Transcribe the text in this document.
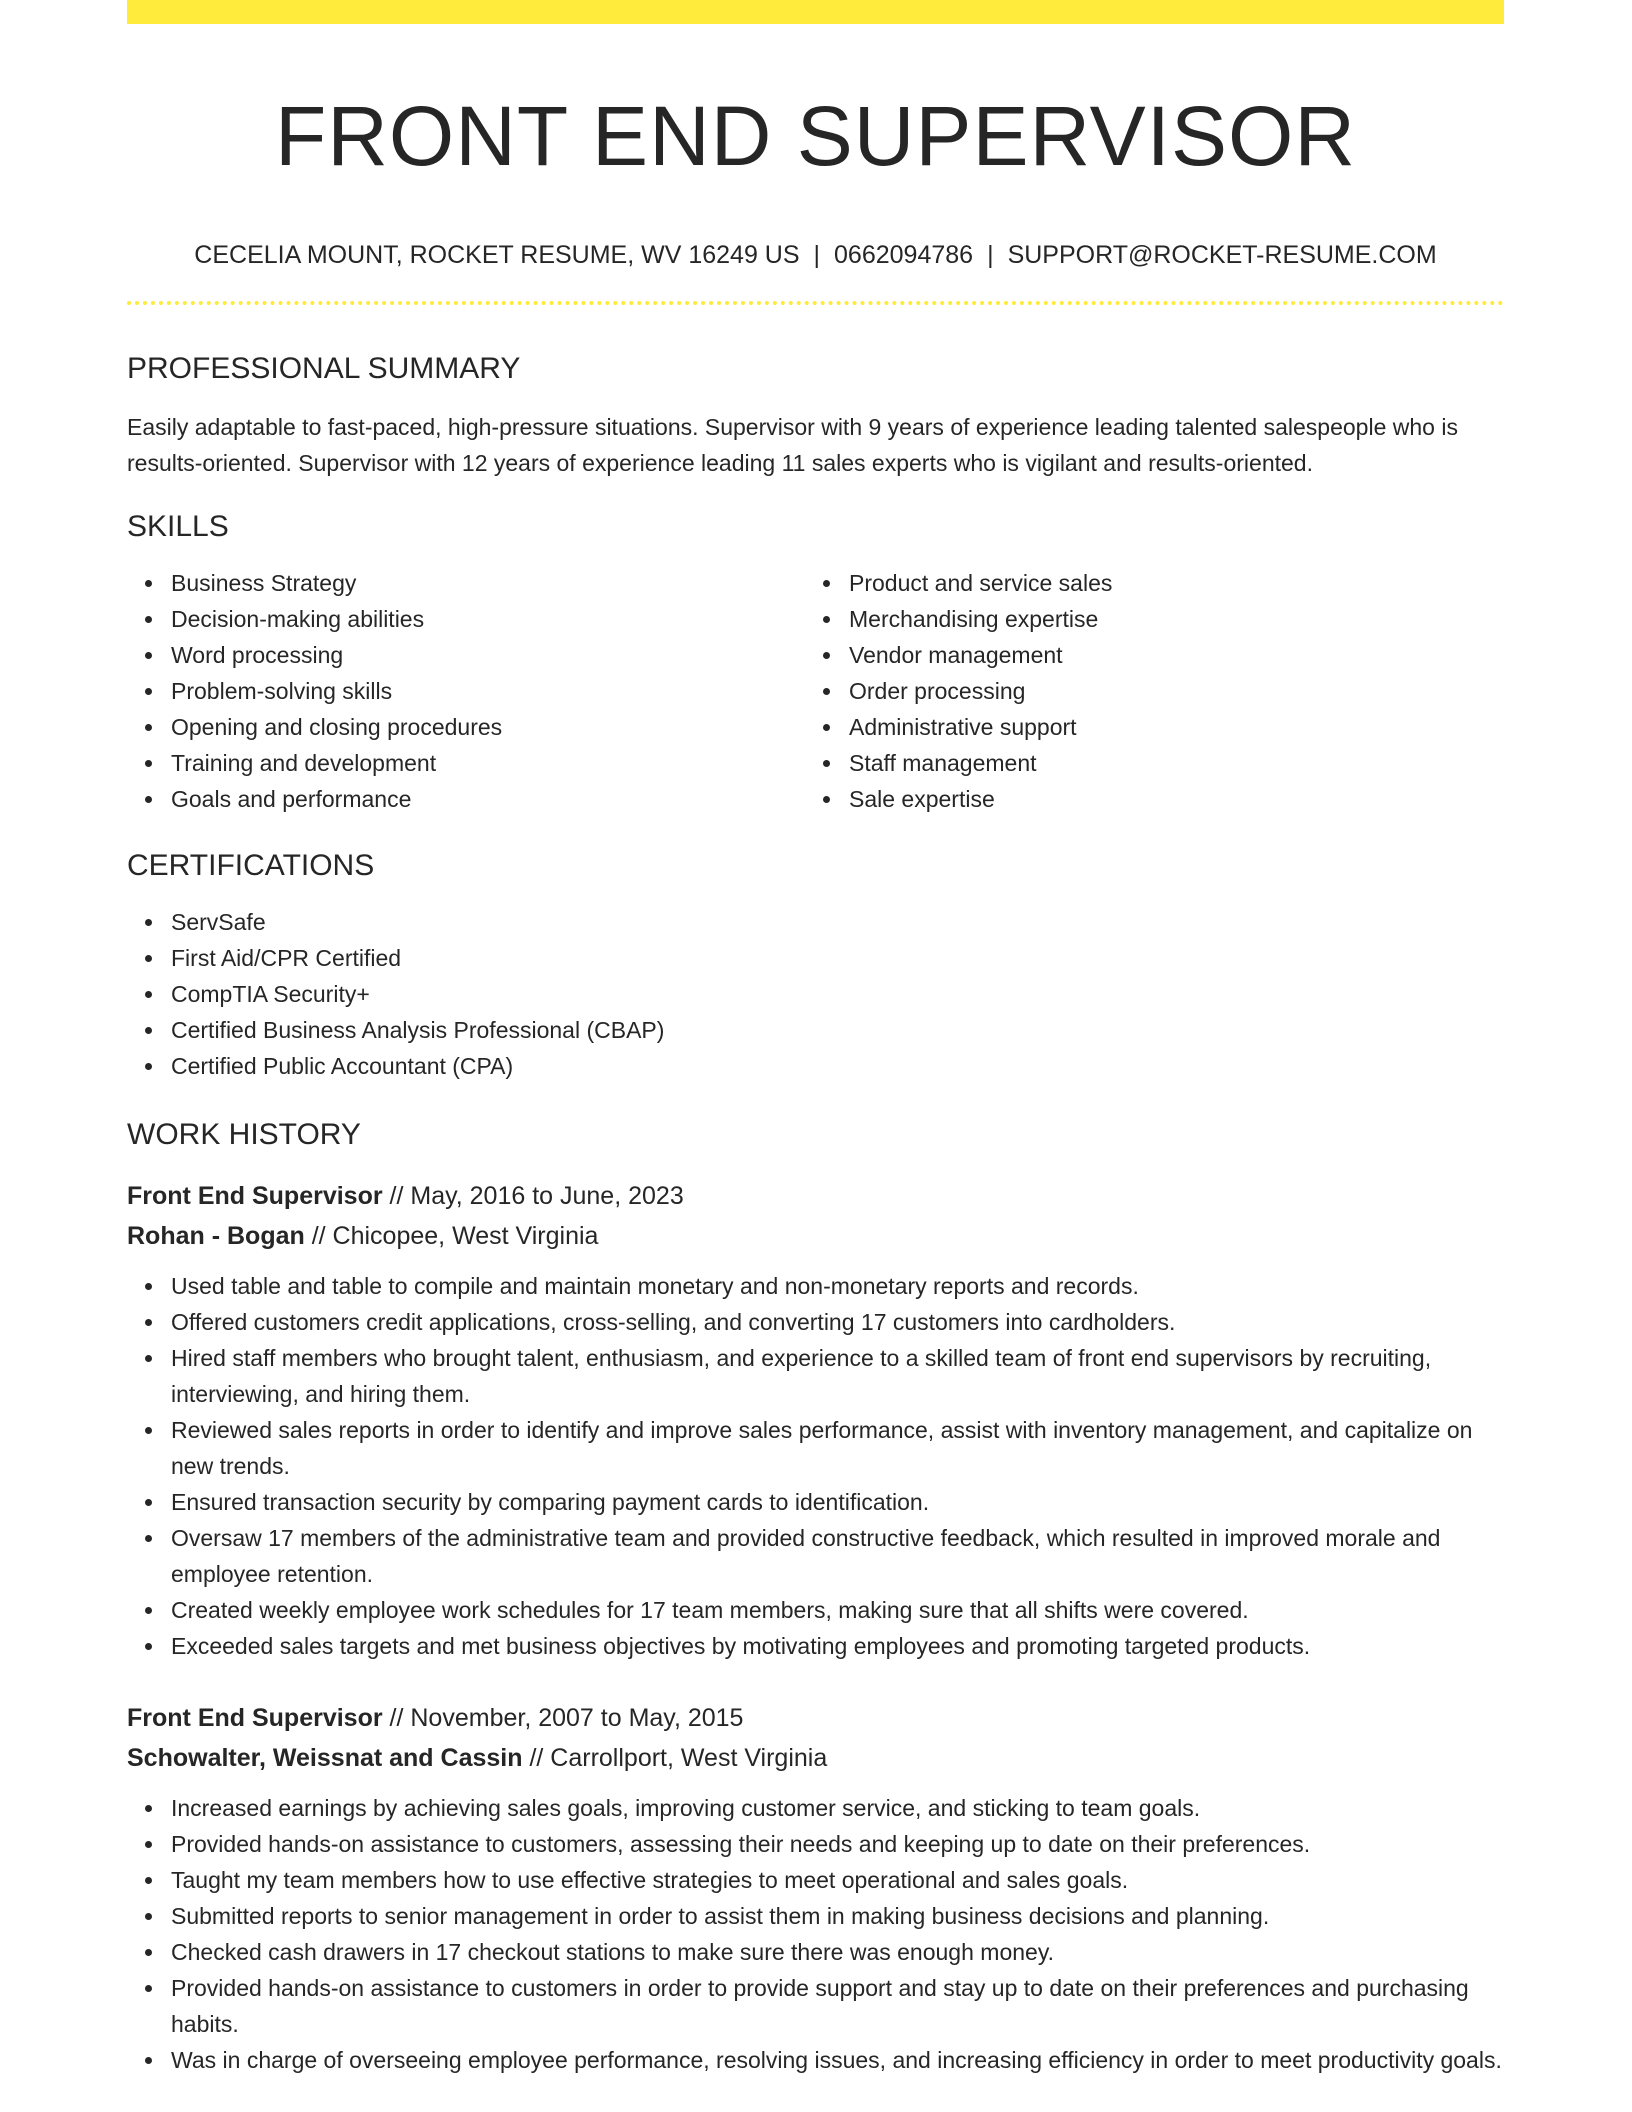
FRONT END SUPERVISOR
CECELIA MOUNT, ROCKET RESUME, WV 16249 US | 0662094786 | SUPPORT@ROCKET-RESUME.COM
PROFESSIONAL SUMMARY

Easily adaptable to fast-paced, high-pressure situations. Supervisor with 9 years of experience leading talented salespeople who is results-oriented. Supervisor with 12 years of experience leading 11 sales experts who is vigilant and results-oriented.

SKILLS
Business Strategy
Decision-making abilities
Word processing
Problem-solving skills
Opening and closing procedures
Training and development
Goals and performance
Product and service sales
Merchandising expertise
Vendor management
Order processing
Administrative support
Staff management
Sale expertise
CERTIFICATIONS
ServSafe
First Aid/CPR Certified
CompTIA Security+
Certified Business Analysis Professional (CBAP)
Certified Public Accountant (CPA)
WORK HISTORY
Front End Supervisor // May, 2016 to June, 2023
Rohan - Bogan // Chicopee, West Virginia
Used table and table to compile and maintain monetary and non-monetary reports and records.
Offered customers credit applications, cross-selling, and converting 17 customers into cardholders.
Hired staff members who brought talent, enthusiasm, and experience to a skilled team of front end supervisors by recruiting, interviewing, and hiring them.
Reviewed sales reports in order to identify and improve sales performance, assist with inventory management, and capitalize on new trends.
Ensured transaction security by comparing payment cards to identification.
Oversaw 17 members of the administrative team and provided constructive feedback, which resulted in improved morale and employee retention.
Created weekly employee work schedules for 17 team members, making sure that all shifts were covered.
Exceeded sales targets and met business objectives by motivating employees and promoting targeted products.
Front End Supervisor // November, 2007 to May, 2015
Schowalter, Weissnat and Cassin // Carrollport, West Virginia
Increased earnings by achieving sales goals, improving customer service, and sticking to team goals.
Provided hands-on assistance to customers, assessing their needs and keeping up to date on their preferences.
Taught my team members how to use effective strategies to meet operational and sales goals.
Submitted reports to senior management in order to assist them in making business decisions and planning.
Checked cash drawers in 17 checkout stations to make sure there was enough money.
Provided hands-on assistance to customers in order to provide support and stay up to date on their preferences and purchasing habits.
Was in charge of overseeing employee performance, resolving issues, and increasing efficiency in order to meet productivity goals.
